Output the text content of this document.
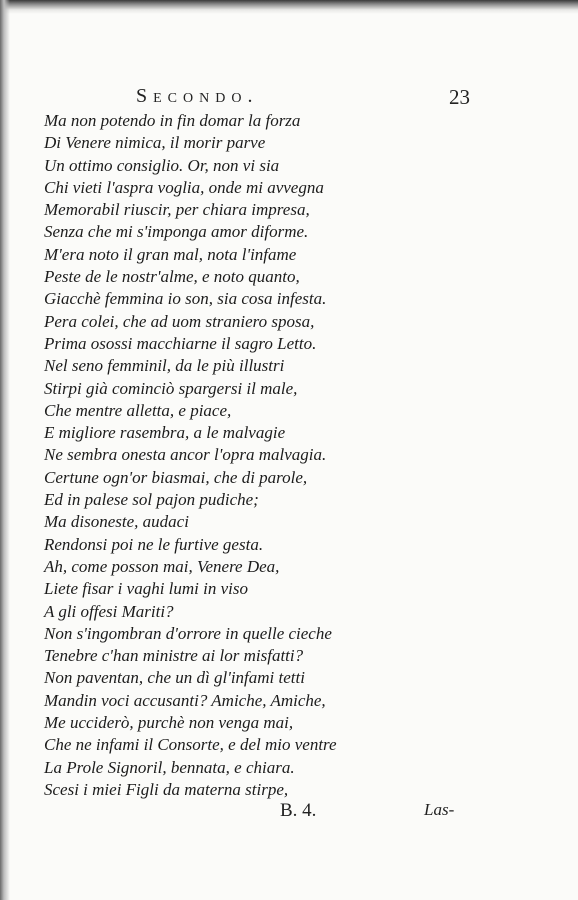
Secondo.	23
Ma non potendo in fin domar la forza
Di Venere nimica, il morir parve
Un ottimo consiglio. Or, non vi sia
Chi vieti l'aspra voglia, onde mi avvegna
Memorabil riuscir, per chiara impresa,
Senza che mi s'imponga amor diforme.
M'era noto il gran mal, nota l'infame
Peste de le nostr'alme, e noto quanto,
Giacchè femmina io son, sia cosa infesta.
Pera colei, che ad uom straniero sposa,
Prima osossi macchiarne il sagro Letto.
Nel seno femminil, da le più illustri
Stirpi già cominciò spargersi il male,
Che mentre alletta, e piace,
E migliore rasembra, a le malvagie
Ne sembra onesta ancor l'opra malvagia.
Certune ogn'or biasmai, che di parole,
Ed in palese sol pajon pudiche;
Ma disoneste, audaci
Rendonsi poi ne le furtive gesta.
Ah, come posson mai, Venere Dea,
Liete fisar i vaghi lumi in viso
A gli offesi Mariti?
Non s'ingombran d'orrore in quelle cieche
Tenebre c'han ministre ai lor misfatti?
Non paventan, che un dì gl'infami tetti
Mandin voci accusanti? Amiche, Amiche,
Me ucciderò, purchè non venga mai,
Che ne infami il Consorte, e del mio ventre
La Prole Signoril, bennata, e chiara.
Scesi i miei Figli da materna stirpe,
B. 4.	Las-
